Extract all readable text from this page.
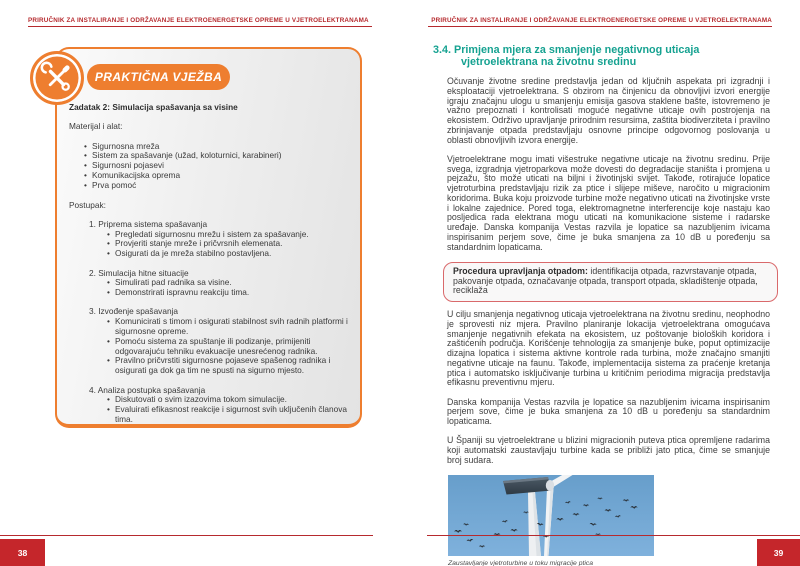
PRIRUČNIK ZA INSTALIRANJE I ODRŽAVANJE ELEKTROENERGETSKE OPREME U VJETROELEKTRANAMA
PRAKTIČNA VJEŽBA

Zadatak 2: Simulacija spašavanja sa visine

Materijal i alat:

• Sigurnosna mreža
• Sistem za spašavanje (užad, koloturnici, karabineri)
• Sigurnosni pojasevi
• Komunikacijska oprema
• Prva pomoć

Postupak:

1. Priprema sistema spašavanja

• Pregledati sigurnosnu mrežu i sistem za spašavanje.
• Provjeriti stanje mreže i pričvrsnih elemenata.
• Osigurati da je mreža stabilno postavljena.

2. Simulacija hitne situacije

• Simulirati pad radnika sa visine.
• Demonstrirati ispravnu reakciju tima.

3. Izvođenje spašavanja

• Komunicirati s timom i osigurati stabilnost svih radnih platformi i sigurnosne opreme.
• Pomoću sistema za spuštanje ili podizanje, primijeniti odgovarajuću tehniku evakuacije unesrećenog radnika.
• Pravilno pričvrstiti sigurnosne pojaseve spašenog radnika i osigurati ga dok ga tim ne spusti na sigurno mjesto.

4. Analiza postupka spašavanja

• Diskutovati o svim izazovima tokom simulacije.
• Evaluirati efikasnost reakcije i sigurnost svih uključenih članova tima.
38
PRIRUČNIK ZA INSTALIRANJE I ODRŽAVANJE ELEKTROENERGETSKE OPREME U VJETROELEKTRANAMA
3.4. Primjena mjera za smanjenje negativnog uticaja vjetroelektrana na životnu sredinu

Očuvanje životne sredine predstavlja jedan od ključnih aspekata pri izgradnji i eksploataciji vjetroelektrana. S obzirom na činjenicu da obnovljivi izvori energije igraju značajnu ulogu u smanjenju emisija gasova staklene bašte, istovremeno je važno prepoznati i kontrolisati moguće negativne uticaje ovih postrojenja na ekosistem. Održivo upravljanje prirodnim resursima, zaštita biodiverziteta i pravilno zbrinjavanje otpada predstavljaju osnovne principe odgovornog poslovanja u oblasti obnovljivih izvora energije.

Vjetroelektrane mogu imati višestruke negativne uticaje na životnu sredinu. Prije svega, izgradnja vjetroparkova može dovesti do degradacije staništa i promjena u pejzažu, što može uticati na biljni i životinjski svijet. Takođe, rotirajuće lopatice vjetroturbina predstavljaju rizik za ptice i slijepe miševe, naročito u migracionim koridorima. Buka koju proizvode turbine može negativno uticati na životinjske vrste i lokalne zajednice. Pored toga, elektromagnetne interferencije koje nastaju kao posljedica rada elektrana mogu uticati na komunikacione sisteme i radarske uređaje. Danska kompanija Vestas razvila je lopatice sa nazubljenim ivicama inspirisanim perjem sove, čime je buka smanjena za 10 dB u poređenju sa standardnim lopaticama.

Procedura upravljanja otpadom: identifikacija otpada, razvrstavanje otpada, pakovanje otpada, označavanje otpada, transport otpada, skladištenje otpada, reciklaža

U cilju smanjenja negativnog uticaja vjetroelektrana na životnu sredinu, neophodno je sprovesti niz mjera. Pravilno planiranje lokacija vjetroelektrana omogućava smanjenje negativnih efekata na ekosistem, uz poštovanje bioloških koridora i zaštićenih područja. Korišćenje tehnologija za smanjenje buke, poput optimizacije dizajna lopatica i sistema aktivne kontrole rada turbina, može značajno smanjiti negativne uticaje na faunu. Takođe, implementacija sistema za praćenje kretanja ptica i automatsko isključivanje turbina u kritičnim periodima migracija predstavlja efikasnu preventivnu mjeru.

Danska kompanija Vestas razvila je lopatice sa nazubljenim ivicama inspirisanim perjem sove, čime je buka smanjena za 10 dB u poređenju sa standardnim lopaticama.

U Španiji su vjetroelektrane u blizini migracionih puteva ptica opremljene radarima koji automatski zaustavljaju turbine kada se približi jato ptica, čime se smanjuje broj sudara.

Zaustavljanje vjetroturbine u toku migracije ptica
39
